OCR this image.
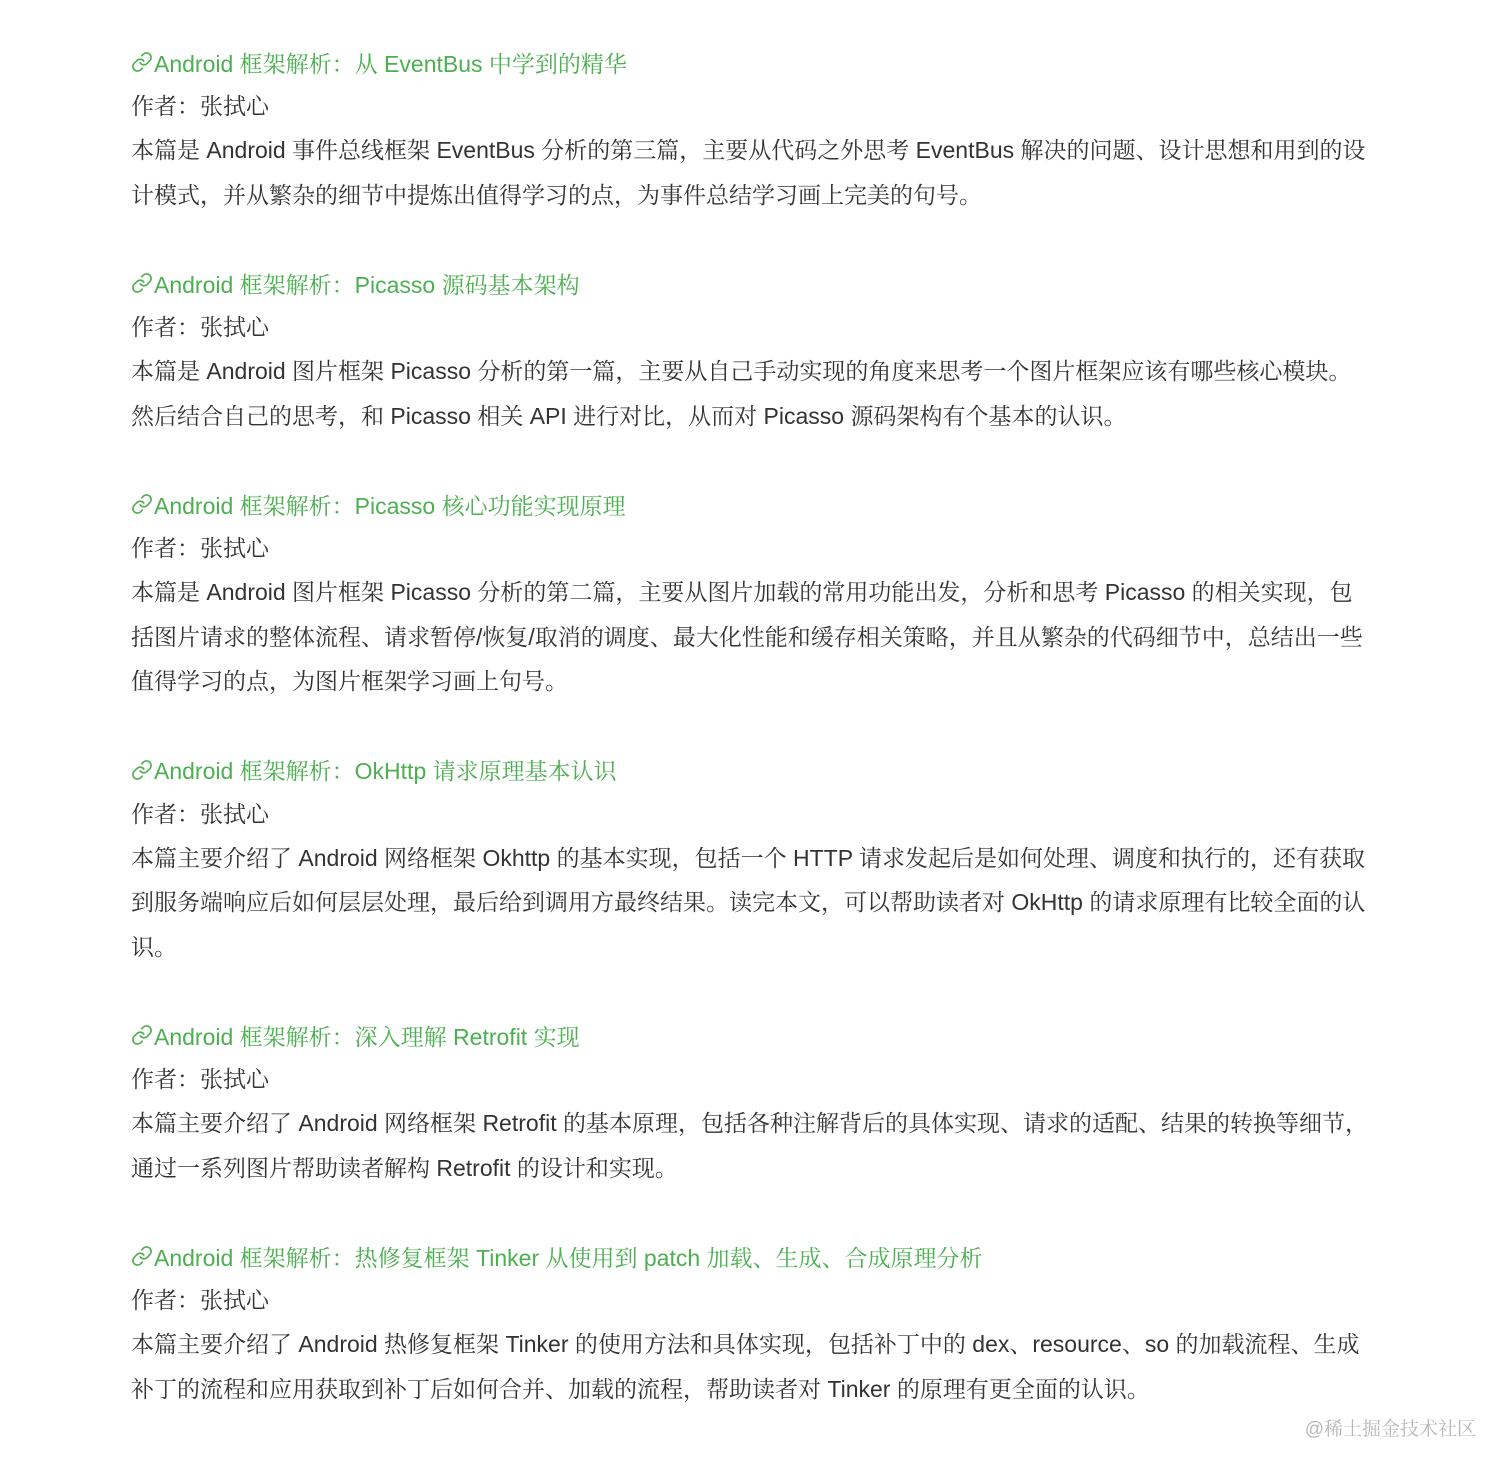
Android 框架解析：从 EventBus 中学到的精华
作者：张拭心

本篇是 Android 事件总线框架 EventBus 分析的第三篇，主要从代码之外思考 EventBus 解决的问题、设计思想和用到的设计模式，并从繁杂的细节中提炼出值得学习的点，为事件总结学习画上完美的句号。

Android 框架解析：Picasso 源码基本架构
作者：张拭心

本篇是 Android 图片框架 Picasso 分析的第一篇，主要从自己手动实现的角度来思考一个图片框架应该有哪些核心模块。然后结合自己的思考，和 Picasso 相关 API 进行对比，从而对 Picasso 源码架构有个基本的认识。

Android 框架解析：Picasso 核心功能实现原理
作者：张拭心

本篇是 Android 图片框架 Picasso 分析的第二篇，主要从图片加载的常用功能出发，分析和思考 Picasso 的相关实现，包括图片请求的整体流程、请求暂停/恢复/取消的调度、最大化性能和缓存相关策略，并且从繁杂的代码细节中，总结出一些值得学习的点，为图片框架学习画上句号。

Android 框架解析：OkHttp 请求原理基本认识
作者：张拭心

本篇主要介绍了 Android 网络框架 Okhttp 的基本实现，包括一个 HTTP 请求发起后是如何处理、调度和执行的，还有获取到服务端响应后如何层层处理，最后给到调用方最终结果。读完本文，可以帮助读者对 OkHttp 的请求原理有比较全面的认识。

Android 框架解析：深入理解 Retrofit 实现
作者：张拭心

本篇主要介绍了 Android 网络框架 Retrofit 的基本原理，包括各种注解背后的具体实现、请求的适配、结果的转换等细节，通过一系列图片帮助读者解构 Retrofit 的设计和实现。

Android 框架解析：热修复框架 Tinker 从使用到 patch 加载、生成、合成原理分析
作者：张拭心

本篇主要介绍了 Android 热修复框架 Tinker 的使用方法和具体实现，包括补丁中的 dex、resource、so 的加载流程、生成补丁的流程和应用获取到补丁后如何合并、加载的流程，帮助读者对 Tinker 的原理有更全面的认识。

@稀土掘金技术社区
